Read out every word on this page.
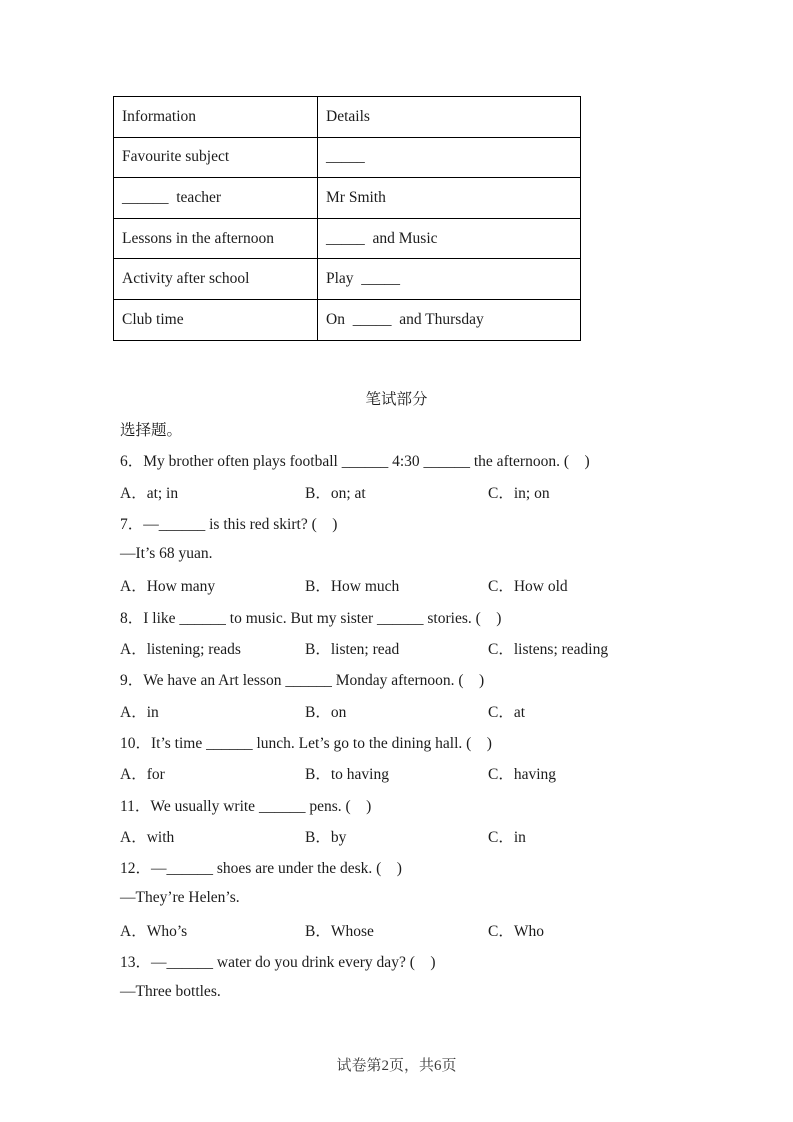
Information	Details
Favourite subject	_____
______  teacher	Mr Smith
Lessons in the afternoon	_____  and Music
Activity after school	Play  _____
Club time	On  _____  and Thursday
笔试部分
选择题。
6．My brother often plays football ______ 4:30 ______ the afternoon. (　)
A．at; in	B．on; at	C．in; on
7．—______ is this red skirt? (　)
—It’s 68 yuan.
A．How many	B．How much	C．How old
8．I like ______ to music. But my sister ______ stories. (　)
A．listening; reads	B．listen; read	C．listens; reading
9．We have an Art lesson ______ Monday afternoon. (　)
A．in	B．on	C．at
10．It’s time ______ lunch. Let’s go to the dining hall. (　)
A．for	B．to having	C．having
11．We usually write ______ pens. (　)
A．with	B．by	C．in
12．—______ shoes are under the desk. (　)
—They’re Helen’s.
A．Who’s	B．Whose	C．Who
13．—______ water do you drink every day? (　)
—Three bottles.
试卷第2页，共6页
